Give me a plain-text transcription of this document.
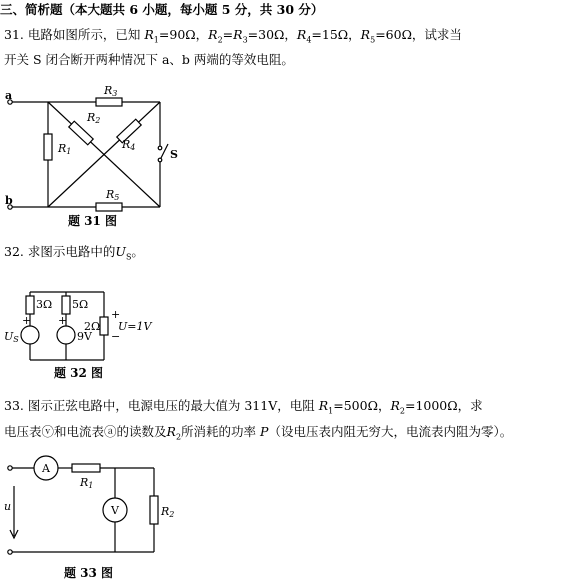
三、简析题（本大题共 6 小题，每小题 5 分，共 30 分）
31. 电路如图所示，已知 $R_1=90\Omega$，$R_2=R_3=30\Omega$，$R_4=15\Omega$，$R_5=60\Omega$，试求当
开关 S 闭合断开两种情况下 a、b 两端的等效电阻。
a
b
R3
R5
R1
R2
R4
S
题 31 图
32. 求图示电路中的$U_S$。
3Ω 5Ω
2Ω
+ +	+
−
US	9V
U=1V
题 32 图
33. 图示正弦电路中，电源电压的最大值为 311V，电阻 $R_1=500\Omega$，$R_2=1000\Omega$，求
电压表ⓥ和电流表ⓐ的读数及$R_2$所消耗的功率 P（设电压表内阻无穷大，电流表内阻为零）。
A
V
u
R1
R2
题 33 图
